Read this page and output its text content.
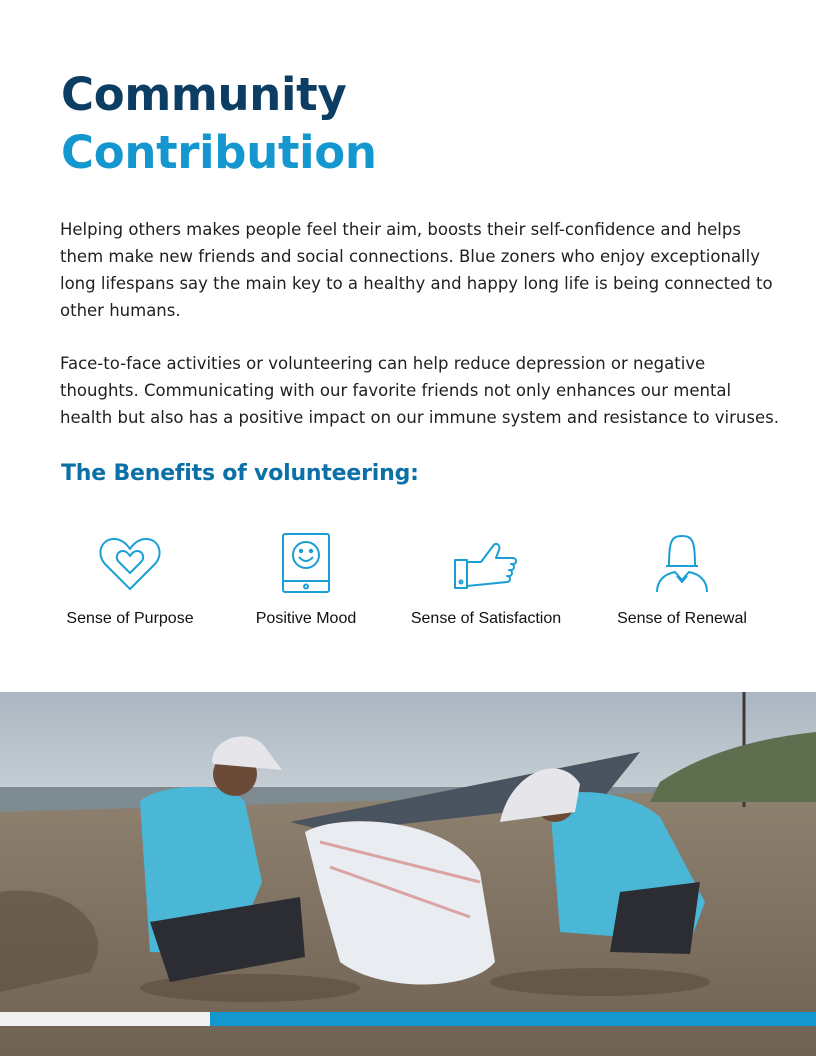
Community
Contribution

Helping others makes people feel their aim, boosts their self-confidence and helps them make new friends and social connections. Blue zoners who enjoy exceptionally long lifespans say the main key to a healthy and happy long life is being connected to other humans.

Face-to-face activities or volunteering can help reduce depression or negative thoughts. Communicating with our favorite friends not only enhances our mental health but also has a positive impact on our immune system and resistance to viruses.

The Benefits of volunteering:
Sense of Purpose	Positive Mood	Sense of Satisfaction	Sense of Renewal
